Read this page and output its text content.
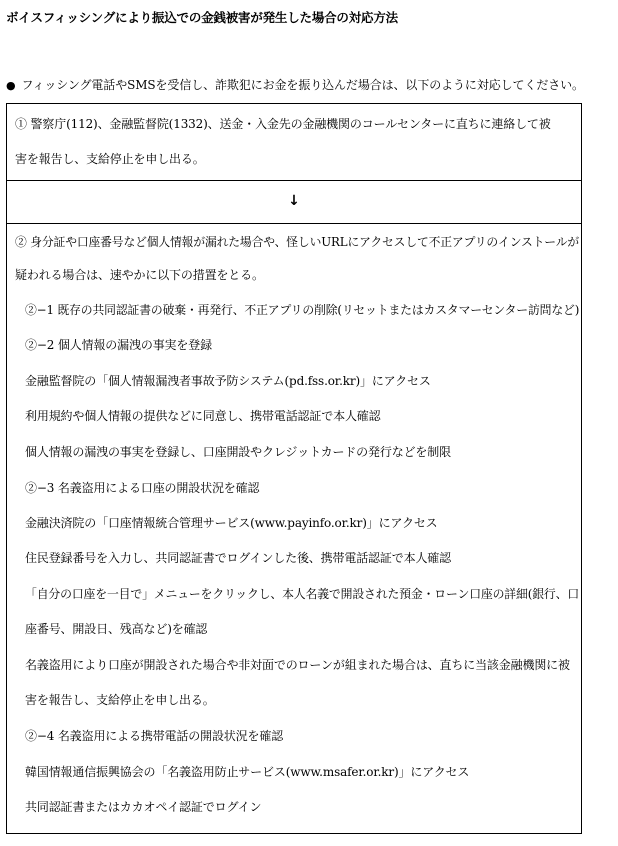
ボイスフィッシングにより振込での金銭被害が発生した場合の対応方法
● フィッシング電話やSMSを受信し、詐欺犯にお金を振り込んだ場合は、以下のように対応してください。
① 警察庁(112)、金融監督院(1332)、送金・入金先の金融機関のコールセンターに直ちに連絡して被
害を報告し、支給停止を申し出る。
↓
② 身分証や口座番号など個人情報が漏れた場合や、怪しいURLにアクセスして不正アプリのインストールが
疑われる場合は、速やかに以下の措置をとる。
②−1 既存の共同認証書の破棄・再発行、不正アプリの削除(リセットまたはカスタマーセンター訪問など)
②−2 個人情報の漏洩の事実を登録
金融監督院の「個人情報漏洩者事故予防システム(pd.fss.or.kr)」にアクセス
利用規約や個人情報の提供などに同意し、携帯電話認証で本人確認
個人情報の漏洩の事実を登録し、口座開設やクレジットカードの発行などを制限
②−3 名義盗用による口座の開設状況を確認
金融決済院の「口座情報統合管理サービス(www.payinfo.or.kr)」にアクセス
住民登録番号を入力し、共同認証書でログインした後、携帯電話認証で本人確認
「自分の口座を一目で」メニューをクリックし、本人名義で開設された預金・ローン口座の詳細(銀行、口
座番号、開設日、残高など)を確認
名義盗用により口座が開設された場合や非対面でのローンが組まれた場合は、直ちに当該金融機関に被
害を報告し、支給停止を申し出る。
②−4 名義盗用による携帯電話の開設状況を確認
韓国情報通信振興協会の「名義盗用防止サービス(www.msafer.or.kr)」にアクセス
共同認証書またはカカオペイ認証でログイン
